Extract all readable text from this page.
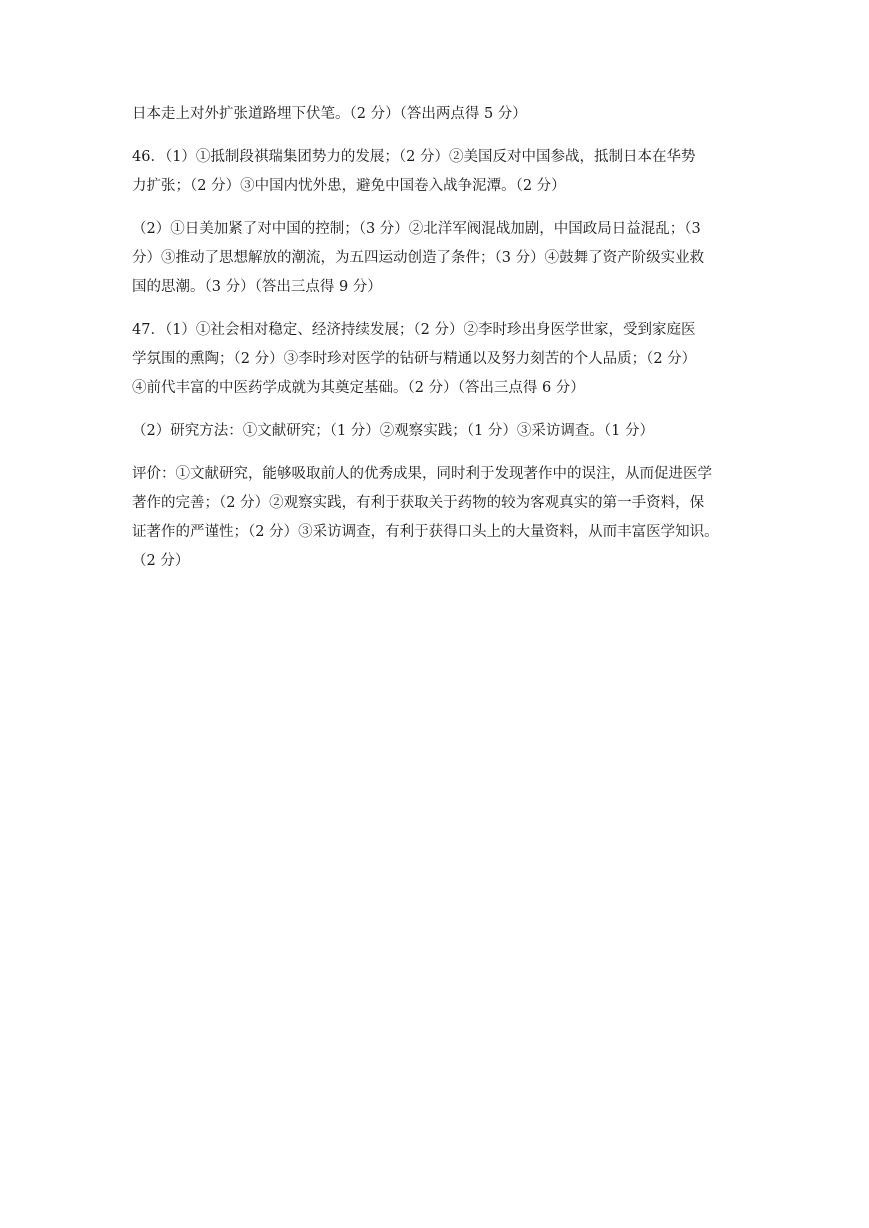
日本走上对外扩张道路埋下伏笔。（2 分）（答出两点得 5 分）

46．（1）①抵制段祺瑞集团势力的发展；（2 分）②美国反对中国参战，抵制日本在华势
力扩张；（2 分）③中国内忧外患，避免中国卷入战争泥潭。（2 分）

（2）①日美加紧了对中国的控制；（3 分）②北洋军阀混战加剧，中国政局日益混乱；（3
分）③推动了思想解放的潮流，为五四运动创造了条件；（3 分）④鼓舞了资产阶级实业救
国的思潮。（3 分）（答出三点得 9 分）

47．（1）①社会相对稳定、经济持续发展；（2 分）②李时珍出身医学世家，受到家庭医
学氛围的熏陶；（2 分）③李时珍对医学的钻研与精通以及努力刻苦的个人品质；（2 分）
④前代丰富的中医药学成就为其奠定基础。（2 分）（答出三点得 6 分）

（2）研究方法：①文献研究；（1 分）②观察实践；（1 分）③采访调查。（1 分）

评价：①文献研究，能够吸取前人的优秀成果，同时利于发现著作中的误注，从而促进医学
著作的完善；（2 分）②观察实践，有利于获取关于药物的较为客观真实的第一手资料，保
证著作的严谨性；（2 分）③采访调查，有利于获得口头上的大量资料，从而丰富医学知识。
（2 分）
